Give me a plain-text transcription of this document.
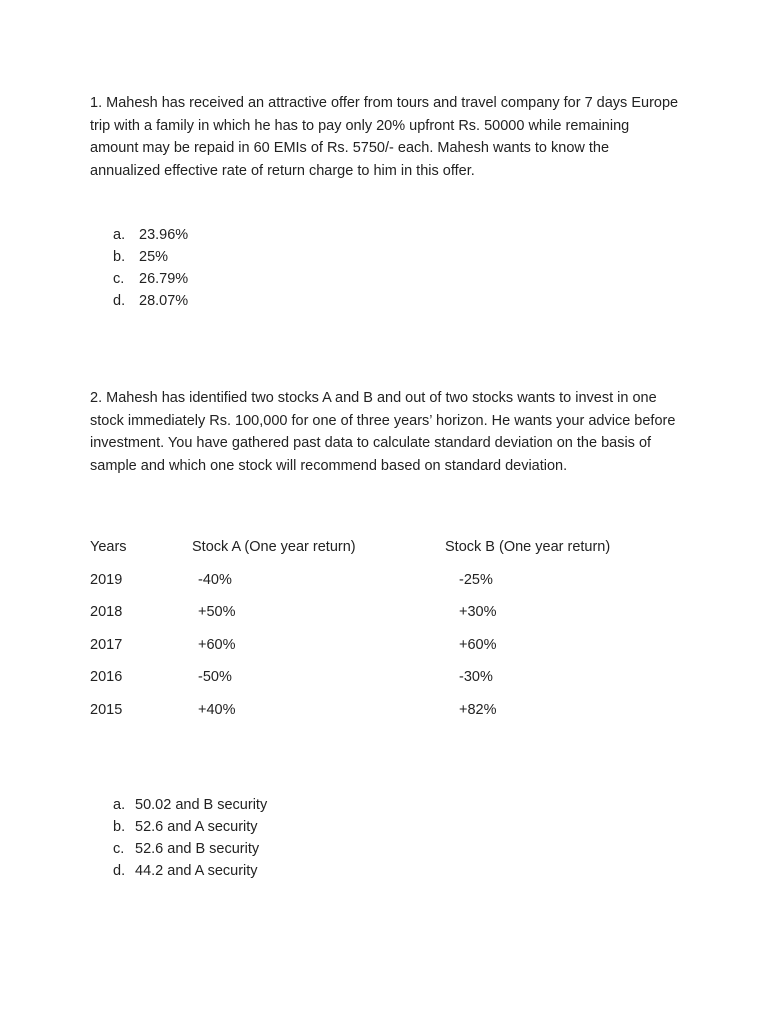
1. Mahesh has received an attractive offer from tours and travel company for 7 days Europe trip with a family in which he has to pay only 20% upfront Rs. 50000 while remaining amount may be repaid in 60 EMIs of Rs. 5750/- each. Mahesh wants to know the annualized effective rate of return charge to him in this offer.

a. 23.96%
b. 25%
c.	26.79%
d. 28.07%

2. Mahesh has identified two stocks A and B and out of two stocks wants to invest in one stock immediately Rs. 100,000 for one of three years’ horizon. He wants your advice before investment. You have gathered past data to calculate standard deviation on the basis of sample and which one stock will recommend based on standard deviation.

Years	Stock A (One year return)	Stock B (One year return)
2019	-40%	-25%
2018	+50%	+30%
2017	+60%	+60%
2016	-50%	-30%
2015	+40%	+82%
a. 50.02 and B security
b. 52.6 and A security
c. 52.6 and B security
d. 44.2 and A security
